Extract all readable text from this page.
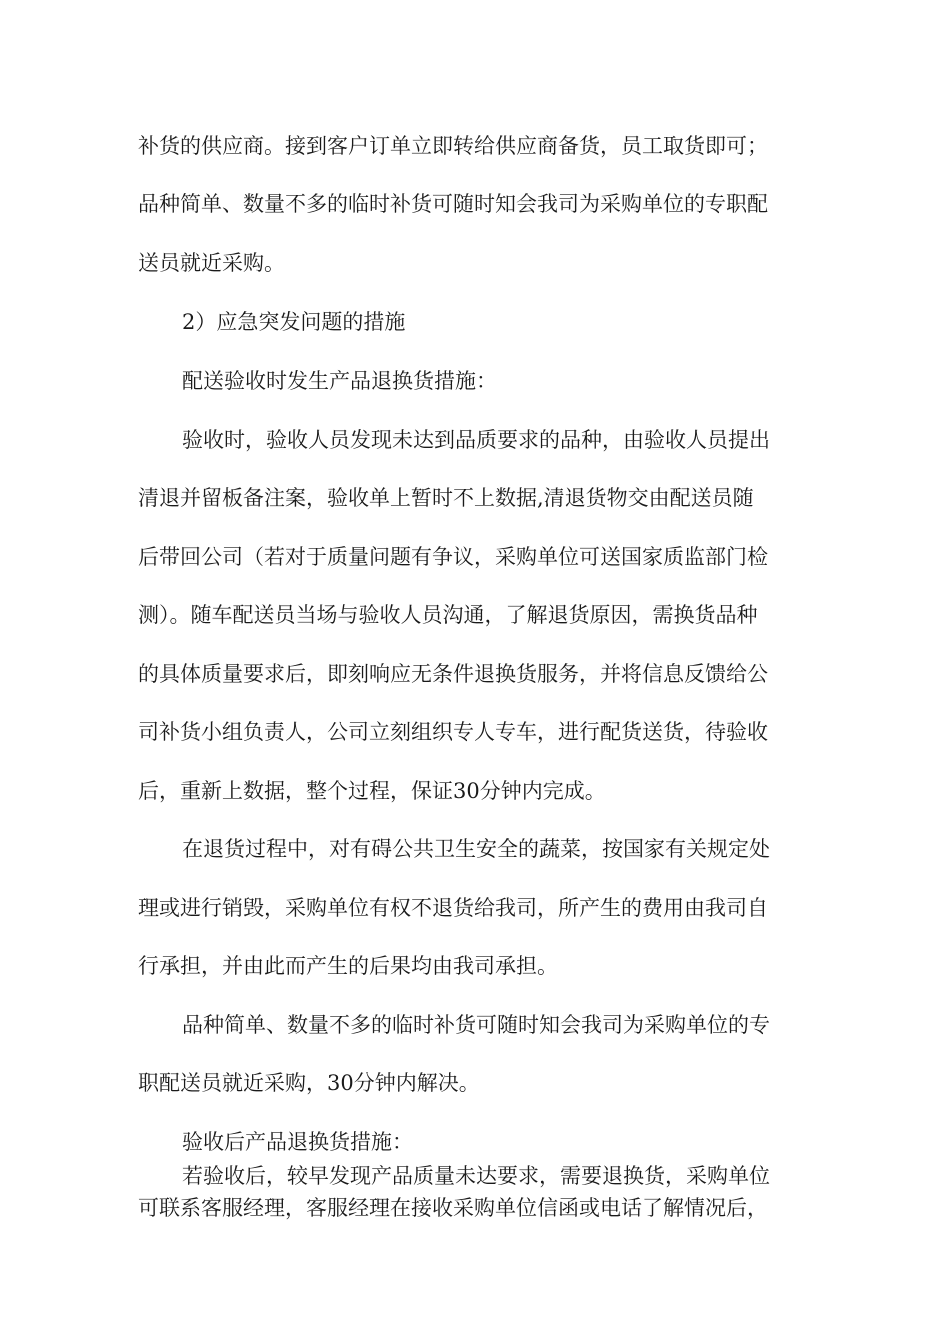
补货的供应商。接到客户订单立即转给供应商备货，员工取货即可；
品种简单、数量不多的临时补货可随时知会我司为采购单位的专职配
送员就近采购。
2）应急突发问题的措施
配送验收时发生产品退换货措施：
验收时，验收人员发现未达到品质要求的品种，由验收人员提出
清退并留板备注案，验收单上暂时不上数据,清退货物交由配送员随
后带回公司（若对于质量问题有争议，采购单位可送国家质监部门检
测）。随车配送员当场与验收人员沟通，了解退货原因，需换货品种
的具体质量要求后，即刻响应无条件退换货服务，并将信息反馈给公
司补货小组负责人，公司立刻组织专人专车，进行配货送货，待验收
后，重新上数据，整个过程，保证30分钟内完成。
在退货过程中，对有碍公共卫生安全的蔬菜，按国家有关规定处
理或进行销毁，采购单位有权不退货给我司，所产生的费用由我司自
行承担，并由此而产生的后果均由我司承担。
品种简单、数量不多的临时补货可随时知会我司为采购单位的专
职配送员就近采购，30分钟内解决。
验收后产品退换货措施：
若验收后，较早发现产品质量未达要求，需要退换货，采购单位
可联系客服经理，客服经理在接收采购单位信函或电话了解情况后，
